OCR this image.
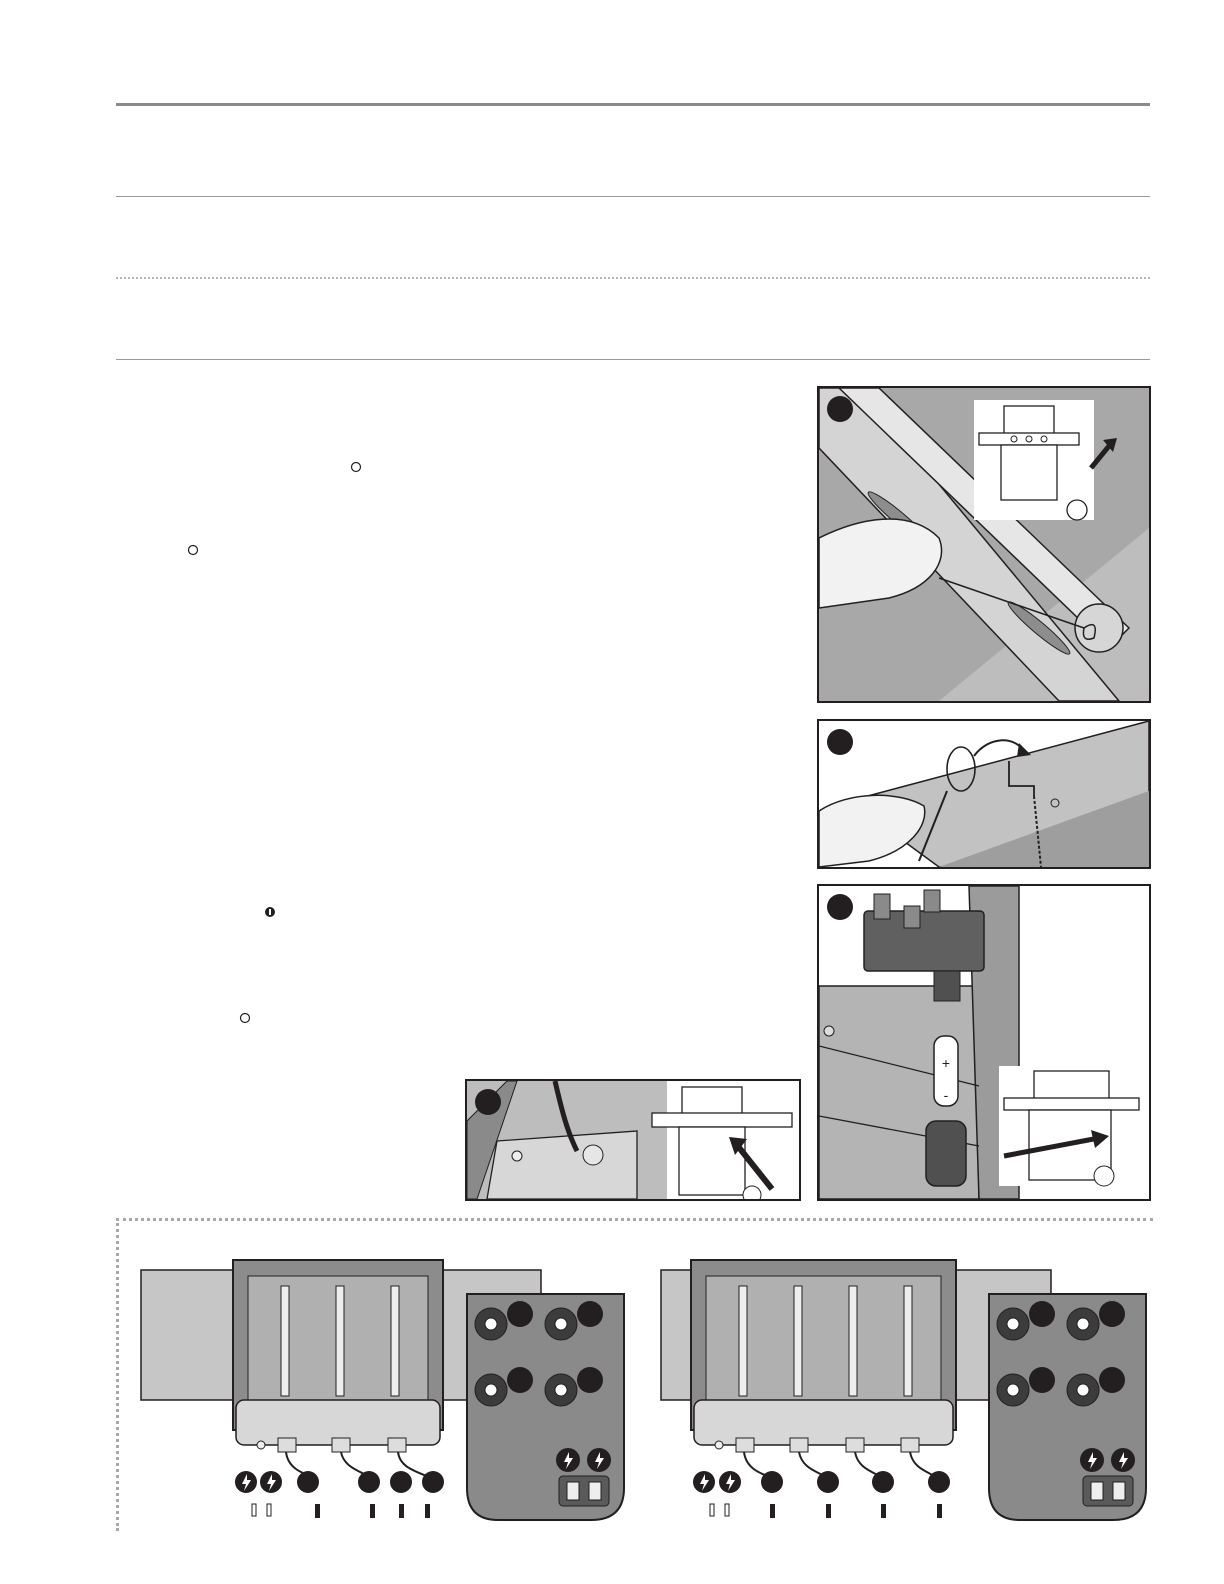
+
-
